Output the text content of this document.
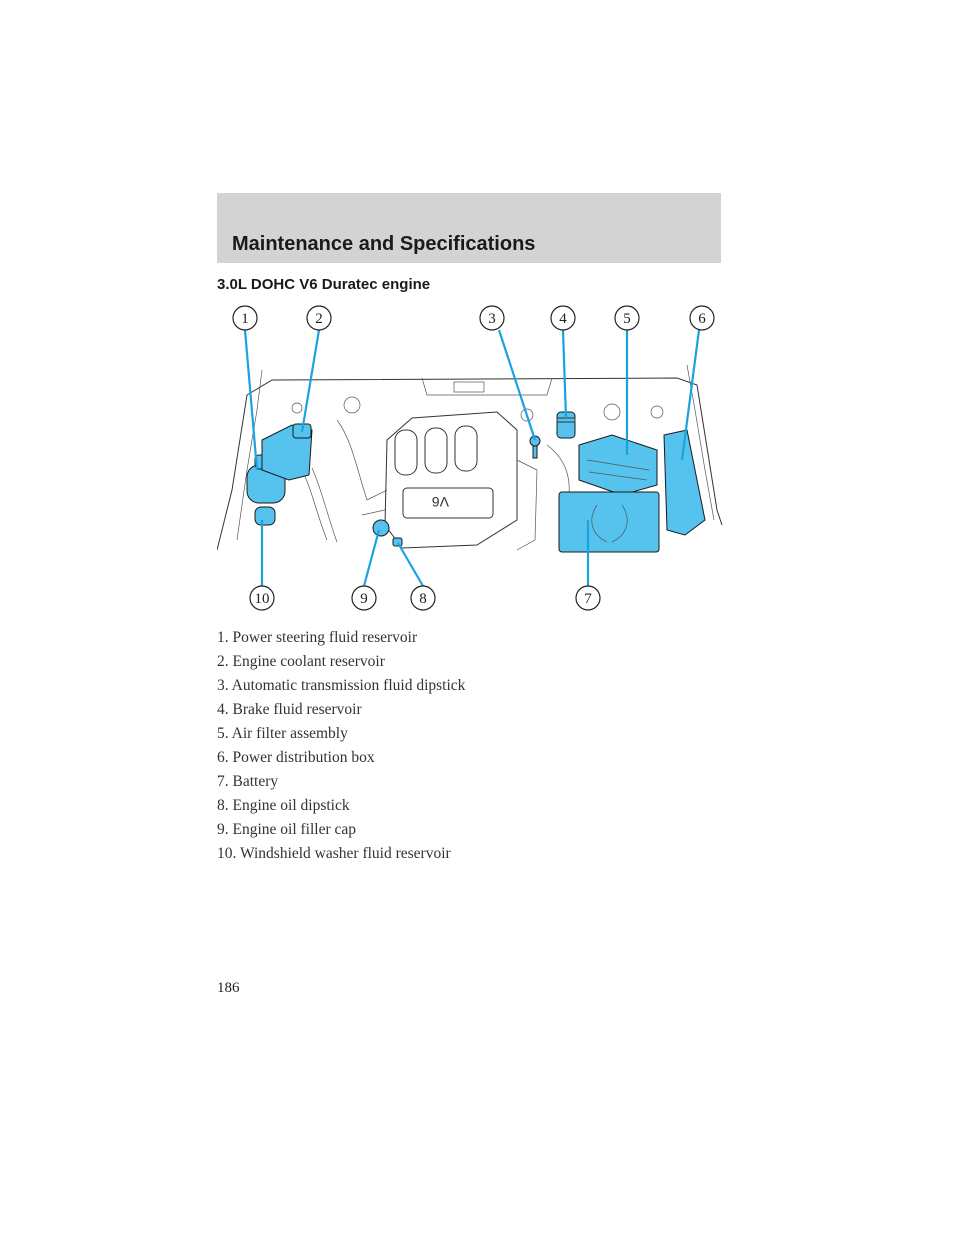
Maintenance and Specifications
3.0L DOHC V6 Duratec engine
V6
1	2	3	4	5	6
10	9	8	7
1. Power steering fluid reservoir
2. Engine coolant reservoir
3. Automatic transmission fluid dipstick
4. Brake fluid reservoir
5. Air filter assembly
6. Power distribution box
7. Battery
8. Engine oil dipstick
9. Engine oil filler cap
10. Windshield washer fluid reservoir
186
